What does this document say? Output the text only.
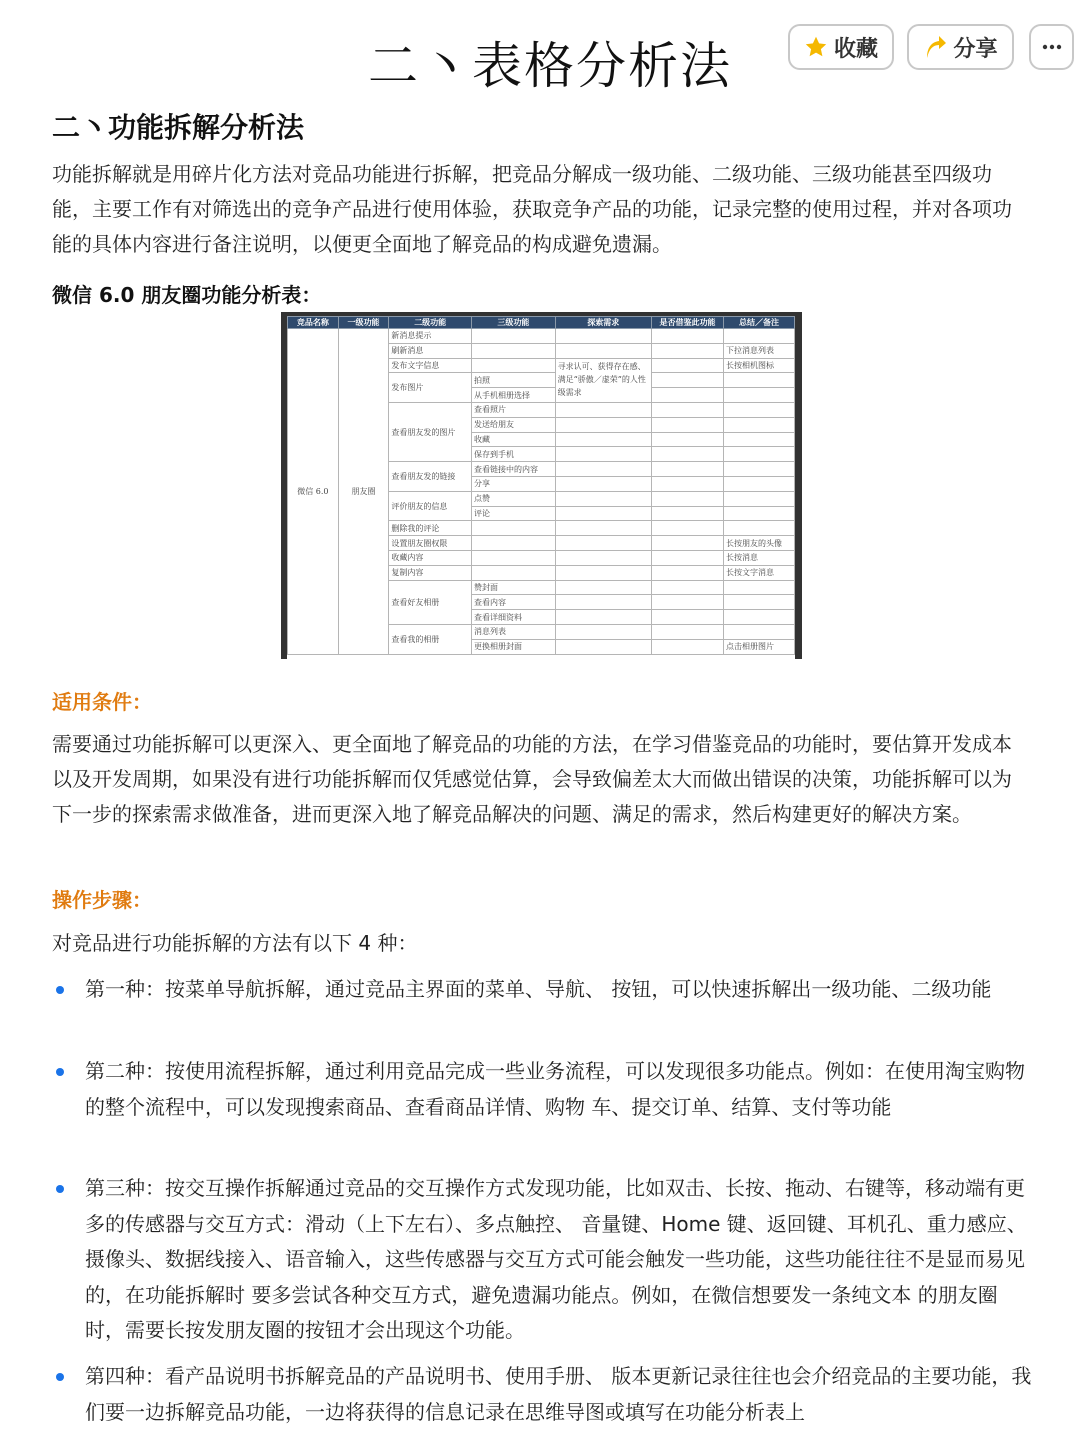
二丶表格分析法	收藏	分享
二丶功能拆解分析法
功能拆解就是用碎片化方法对竞品功能进行拆解，把竞品分解成一级功能、二级功能、三级功能甚至四级功能，主要工作有对筛选出的竞争产品进行使用体验，获取竞争产品的功能，记录完整的使用过程，并对各项功能的具体内容进行备注说明，以便更全面地了解竞品的构成避免遗漏。
微信 6.0 朋友圈功能分析表：
竞品名称	一级功能	二级功能	三级功能	探索需求	是否借鉴此功能	总结／备注
微信 6.0	朋友圈	新消息提示				
		刷新消息				下拉消息列表
		发布文字信息		寻求认可、获得存在感、满足“骄傲／虚荣”的人性级需求		长按相机图标
		发布图片	拍照			
			从手机相册选择			
		查看朋友发的图片	查看照片			
			发送给朋友			
			收藏			
			保存到手机			
		查看朋友发的链接	查看链接中的内容			
			分享			
		评价朋友的信息	点赞			
			评论			
		删除我的评论				
		设置朋友圈权限				长按朋友的头像
		收藏内容				长按消息
		复制内容				长按文字消息
		查看好友相册	赞封面			
			查看内容			
			查看详细资料			
		查看我的相册	消息列表			
			更换相册封面			点击相册图片
适用条件：
需要通过功能拆解可以更深入、更全面地了解竞品的功能的方法，在学习借鉴竞品的功能时，要估算开发成本以及开发周期，如果没有进行功能拆解而仅凭感觉估算，会导致偏差太大而做出错误的决策，功能拆解可以为下一步的探索需求做准备，进而更深入地了解竞品解决的问题、满足的需求，然后构建更好的解决方案。
操作步骤：
对竞品进行功能拆解的方法有以下 4 种：
第一种：按菜单导航拆解，通过竞品主界面的菜单、导航、 按钮，可以快速拆解出一级功能、二级功能
第二种：按使用流程拆解，通过利用竞品完成一些业务流程，可以发现很多功能点。例如：在使用淘宝购物的整个流程中，可以发现搜索商品、查看商品详情、购物 车、提交订单、结算、支付等功能
第三种：按交互操作拆解通过竞品的交互操作方式发现功能，比如双击、长按、拖动、右键等，移动端有更多的传感器与交互方式：滑动（上下左右）、多点触控、 音量键、Home 键、返回键、耳机孔、重力感应、摄像头、数据线接入、语音输入，这些传感器与交互方式可能会触发一些功能，这些功能往往不是显而易见的，在功能拆解时 要多尝试各种交互方式，避免遗漏功能点。例如，在微信想要发一条纯文本 的朋友圈时，需要长按发朋友圈的按钮才会出现这个功能。
第四种：看产品说明书拆解竞品的产品说明书、使用手册、 版本更新记录往往也会介绍竞品的主要功能，我们要一边拆解竞品功能，一边将获得的信息记录在思维导图或填写在功能分析表上
